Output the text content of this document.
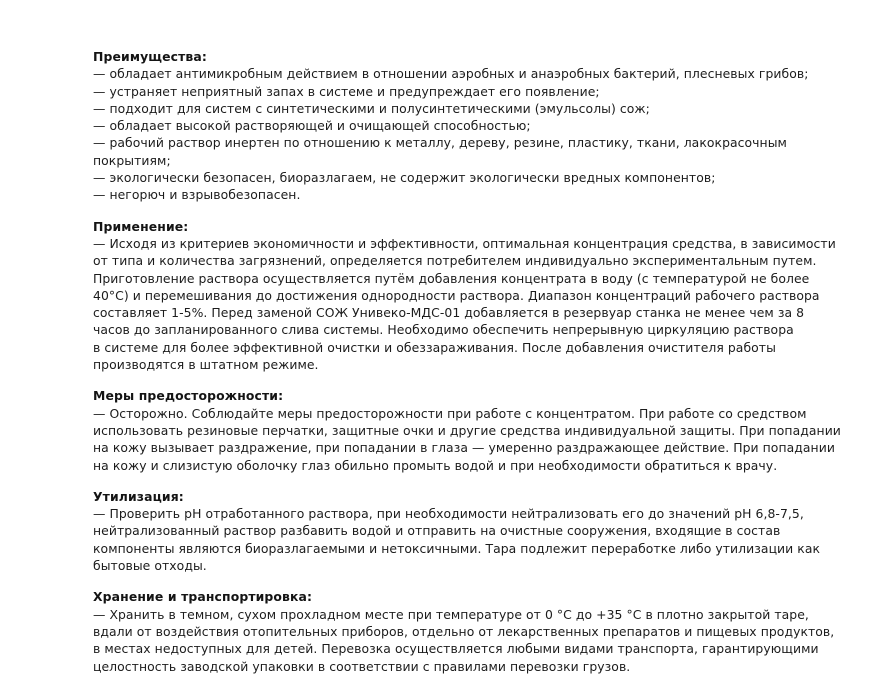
Преимущества:

— обладает антимикробным действием в отношении аэробных и анаэробных бактерий, плесневых грибов;

— устраняет неприятный запах в системе и предупреждает его появление;

— подходит для систем с синтетическими и полусинтетическими (эмульсолы) сож;

— обладает высокой растворяющей и очищающей способностью;

— рабочий раствор инертен по отношению к металлу, дереву, резине, пластику, ткани, лакокрасочным
покрытиям;

— экологически безопасен, биоразлагаем, не содержит экологически вредных компонентов;

— негорюч и взрывобезопасен.

Применение:

— Исходя из критериев экономичности и эффективности, оптимальная концентрация средства, в зависимости
от типа и количества загрязнений, определяется потребителем индивидуально экспериментальным путем.
Приготовление раствора осуществляется путём добавления концентрата в воду (с температурой не более
40°С) и перемешивания до достижения однородности раствора. Диапазон концентраций рабочего раствора
составляет 1-5%. Перед заменой СОЖ Унивеко-МДС-01 добавляется в резервуар станка не менее чем за 8
часов до запланированного слива системы. Необходимо обеспечить непрерывную циркуляцию раствора
в системе для более эффективной очистки и обеззараживания. После добавления очистителя работы
производятся в штатном режиме.

Меры предосторожности:

— Осторожно. Соблюдайте меры предосторожности при работе с концентратом. При работе со средством
использовать резиновые перчатки, защитные очки и другие средства индивидуальной защиты. При попадании
на кожу вызывает раздражение, при попадании в глаза — умеренно раздражающее действие. При попадании
на кожу и слизистую оболочку глаз обильно промыть водой и при необходимости обратиться к врачу.

Утилизация:

— Проверить рН отработанного раствора, при необходимости нейтрализовать его до значений рН 6,8-7,5,
нейтрализованный раствор разбавить водой и отправить на очистные сооружения, входящие в состав
компоненты являются биоразлагаемыми и нетоксичными. Тара подлежит переработке либо утилизации как
бытовые отходы.

Хранение и транспортировка:

— Хранить в темном, сухом прохладном месте при температуре от 0 °С до +35 °С в плотно закрытой таре,
вдали от воздействия отопительных приборов, отдельно от лекарственных препаратов и пищевых продуктов,
в местах недоступных для детей. Перевозка осуществляется любыми видами транспорта, гарантирующими
целостность заводской упаковки в соответствии с правилами перевозки грузов.
